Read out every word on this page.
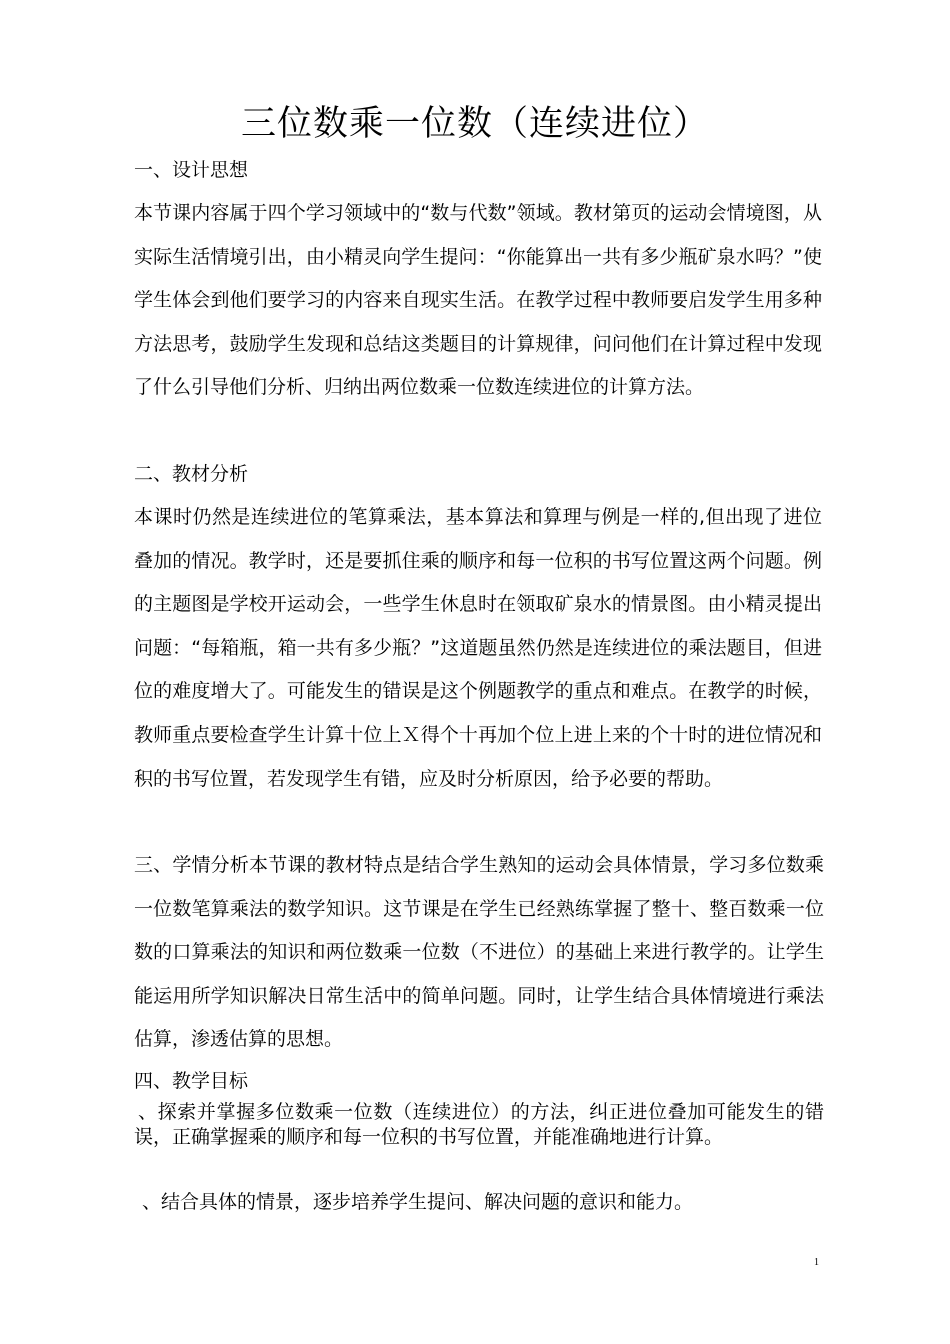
三位数乘一位数（连续进位）
一、设计思想

本节课内容属于四个学习领域中的“数与代数”领域。教材第页的运动会情境图，从实际生活情境引出，由小精灵向学生提问：“你能算出一共有多少瓶矿泉水吗？”使学生体会到他们要学习的内容来自现实生活。在教学过程中教师要启发学生用多种方法思考，鼓励学生发现和总结这类题目的计算规律，问问他们在计算过程中发现了什么引导他们分析、归纳出两位数乘一位数连续进位的计算方法。

二、教材分析

本课时仍然是连续进位的笔算乘法，基本算法和算理与例是一样的,但出现了进位叠加的情况。教学时，还是要抓住乘的顺序和每一位积的书写位置这两个问题。例的主题图是学校开运动会，一些学生休息时在领取矿泉水的情景图。由小精灵提出问题：“每箱瓶，箱一共有多少瓶？”这道题虽然仍然是连续进位的乘法题目，但进位的难度增大了。可能发生的错误是这个例题教学的重点和难点。在教学的时候，教师重点要检查学生计算十位上Ｘ得个十再加个位上进上来的个十时的进位情况和积的书写位置，若发现学生有错，应及时分析原因，给予必要的帮助。

三、学情分析本节课的教材特点是结合学生熟知的运动会具体情景，学习多位数乘一位数笔算乘法的数学知识。这节课是在学生已经熟练掌握了整十、整百数乘一位数的口算乘法的知识和两位数乘一位数（不进位）的基础上来进行教学的。让学生能运用所学知识解决日常生活中的简单问题。同时，让学生结合具体情境进行乘法估算，渗透估算的思想。

四、教学目标

、探索并掌握多位数乘一位数（连续进位）的方法，纠正进位叠加可能发生的错误，正确掌握乘的顺序和每一位积的书写位置，并能准确地进行计算。

、结合具体的情景，逐步培养学生提问、解决问题的意识和能力。

1
